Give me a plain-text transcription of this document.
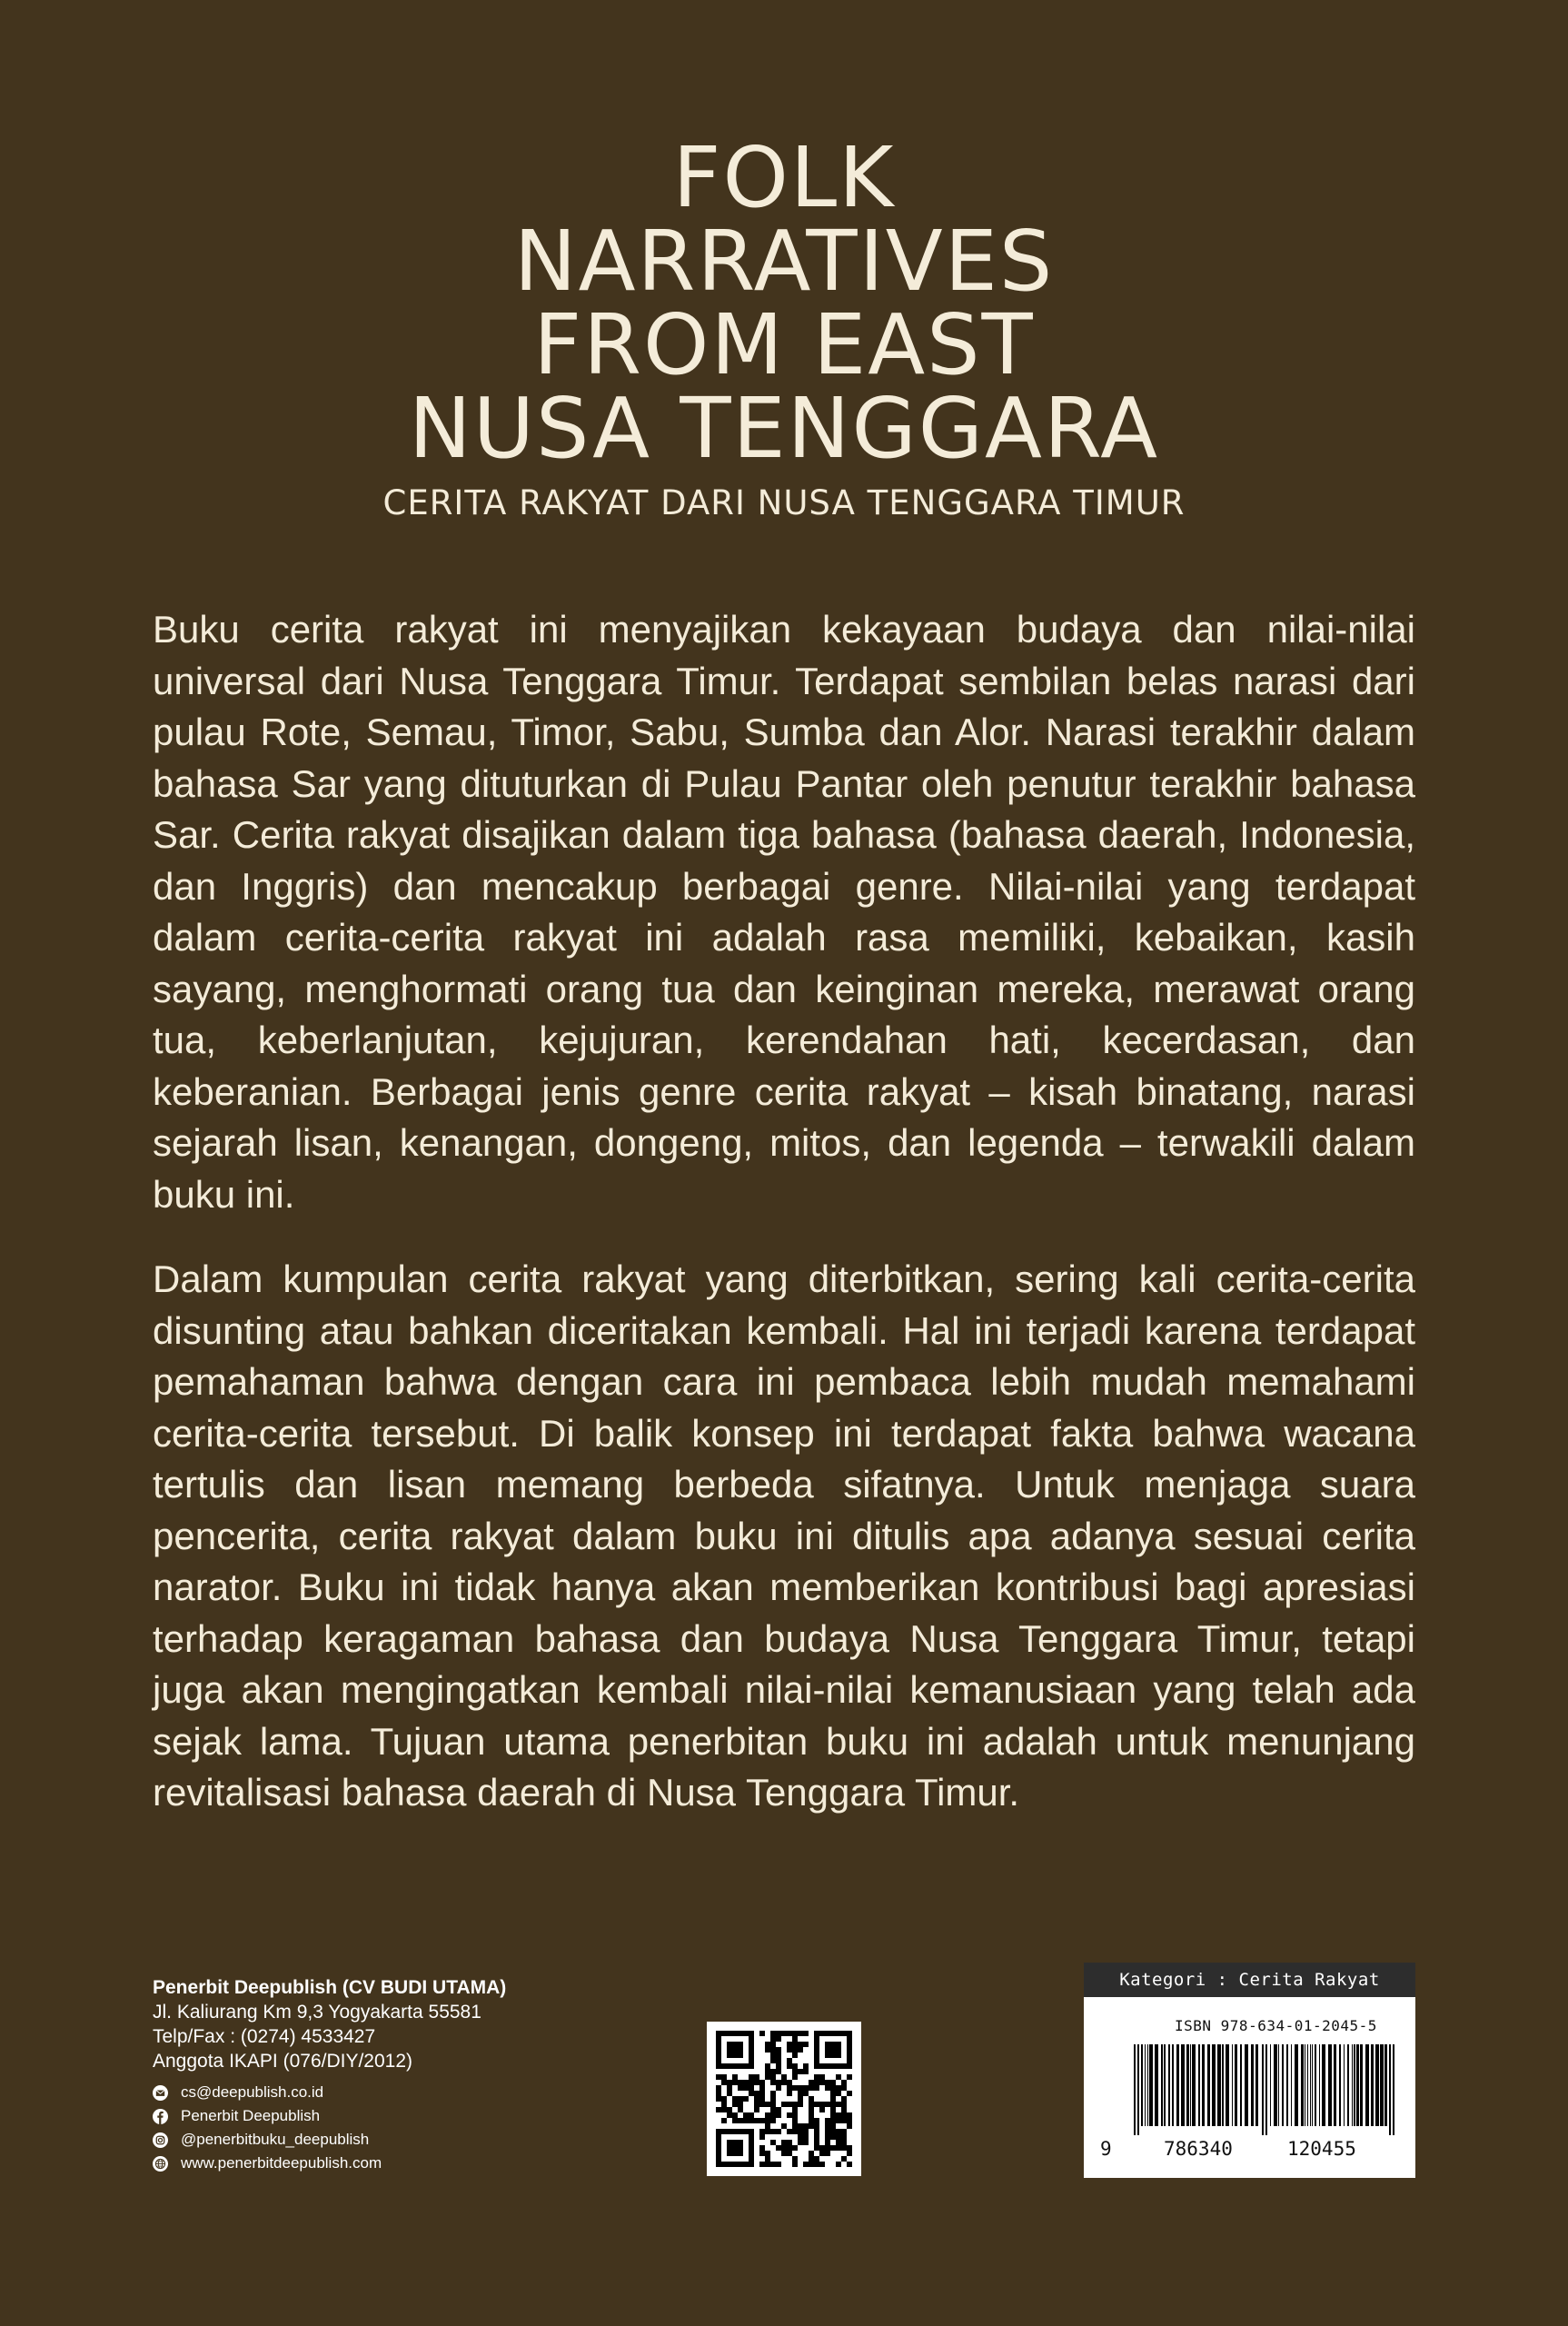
FOLK
NARRATIVES
FROM EAST
NUSA TENGGARA
CERITA RAKYAT DARI NUSA TENGGARA TIMUR

Buku cerita rakyat ini menyajikan kekayaan budaya dan nilai-nilai universal dari Nusa Tenggara Timur. Terdapat sembilan belas narasi dari pulau Rote, Semau, Timor, Sabu, Sumba dan Alor. Narasi terakhir dalam bahasa Sar yang dituturkan di Pulau Pantar oleh penutur terakhir bahasa Sar. Cerita rakyat disajikan dalam tiga bahasa (bahasa daerah, Indonesia, dan Inggris) dan mencakup berbagai genre. Nilai-nilai yang terdapat dalam cerita-cerita rakyat ini adalah rasa memiliki, kebaikan, kasih sayang, menghormati orang tua dan keinginan mereka, merawat orang tua, keberlanjutan, kejujuran, kerendahan hati, kecerdasan, dan keberanian. Berbagai jenis genre cerita rakyat – kisah binatang, narasi sejarah lisan, kenangan, dongeng, mitos, dan legenda – terwakili dalam buku ini.

Dalam kumpulan cerita rakyat yang diterbitkan, sering kali cerita-cerita disunting atau bahkan diceritakan kembali. Hal ini terjadi karena terdapat pemahaman bahwa dengan cara ini pembaca lebih mudah memahami cerita-cerita tersebut. Di balik konsep ini terdapat fakta bahwa wacana tertulis dan lisan memang berbeda sifatnya. Untuk menjaga suara pencerita, cerita rakyat dalam buku ini ditulis apa adanya sesuai cerita narator. Buku ini tidak hanya akan memberikan kontribusi bagi apresiasi terhadap keragaman bahasa dan budaya Nusa Tenggara Timur, tetapi juga akan mengingatkan kembali nilai-nilai kemanusiaan yang telah ada sejak lama. Tujuan utama penerbitan buku ini adalah untuk menunjang revitalisasi bahasa daerah di Nusa Tenggara Timur.

Penerbit Deepublish (CV BUDI UTAMA)
Jl. Kaliurang Km 9,3 Yogyakarta 55581
Telp/Fax : (0274) 4533427
Anggota IKAPI (076/DIY/2012)
cs@deepublish.co.id
Penerbit Deepublish
@penerbitbuku_deepublish
www.penerbitdeepublish.com
Kategori : Cerita Rakyat
ISBN 978-634-01-2045-5
9	786340	120455
